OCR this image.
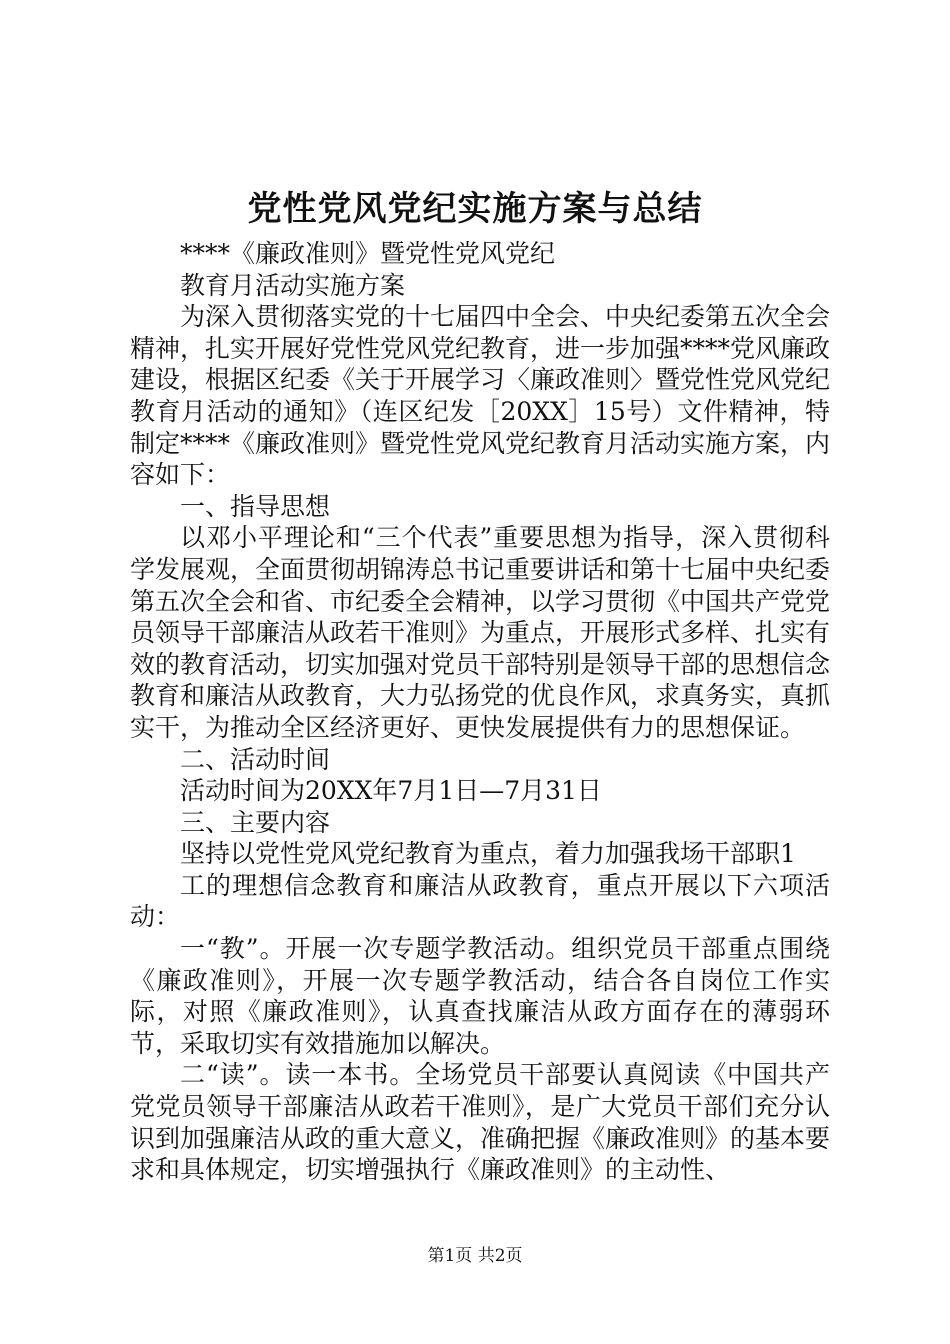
党性党风党纪实施方案与总结

****《廉政准则》暨党性党风党纪

教育月活动实施方案

为深入贯彻落实党的十七届四中全会、中央纪委第五次全会精神，扎实开展好党性党风党纪教育，进一步加强****党风廉政建设，根据区纪委《关于开展学习〈廉政准则〉暨党性党风党纪教育月活动的通知》（连区纪发［20XX］15号）文件精神，特制定****《廉政准则》暨党性党风党纪教育月活动实施方案，内容如下：

一、指导思想

以邓小平理论和“三个代表”重要思想为指导，深入贯彻科学发展观，全面贯彻胡锦涛总书记重要讲话和第十七届中央纪委第五次全会和省、市纪委全会精神，以学习贯彻《中国共产党党员领导干部廉洁从政若干准则》为重点，开展形式多样、扎实有效的教育活动，切实加强对党员干部特别是领导干部的思想信念教育和廉洁从政教育，大力弘扬党的优良作风，求真务实，真抓实干，为推动全区经济更好、更快发展提供有力的思想保证。

二、活动时间

活动时间为20XX年7月1日—7月31日

三、主要内容

坚持以党性党风党纪教育为重点，着力加强我场干部职1

工的理想信念教育和廉洁从政教育，重点开展以下六项活动：

一“教”。开展一次专题学教活动。组织党员干部重点围绕《廉政准则》，开展一次专题学教活动，结合各自岗位工作实际，对照《廉政准则》，认真查找廉洁从政方面存在的薄弱环节，采取切实有效措施加以解决。

二“读”。读一本书。全场党员干部要认真阅读《中国共产党党员领导干部廉洁从政若干准则》，是广大党员干部们充分认识到加强廉洁从政的重大意义，准确把握《廉政准则》的基本要求和具体规定，切实增强执行《廉政准则》的主动性、

第1页 共2页
